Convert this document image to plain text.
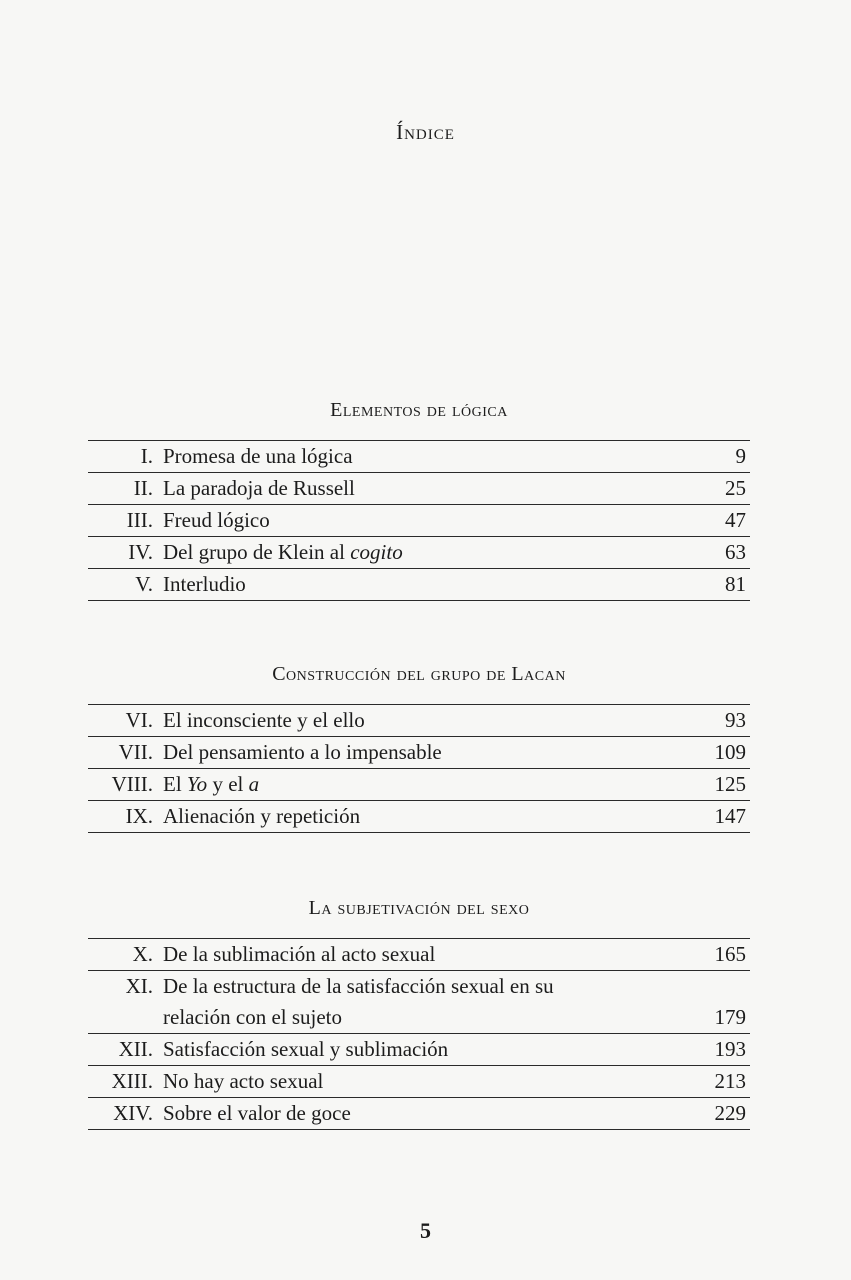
Índice
Elementos de lógica
I. Promesa de una lógica	9
II. La paradoja de Russell	25
III. Freud lógico	47
IV. Del grupo de Klein al cogito	63
V. Interludio	81
Construcción del grupo de Lacan
VI. El inconsciente y el ello	93
VII. Del pensamiento a lo impensable	109
VIII. El Yo y el a	125
IX. Alienación y repetición	147
La subjetivación del sexo
X. De la sublimación al acto sexual	165
XI. De la estructura de la satisfacción sexual en su
relación con el sujeto	179
XII. Satisfacción sexual y sublimación	193
XIII. No hay acto sexual	213
XIV. Sobre el valor de goce	229
5
